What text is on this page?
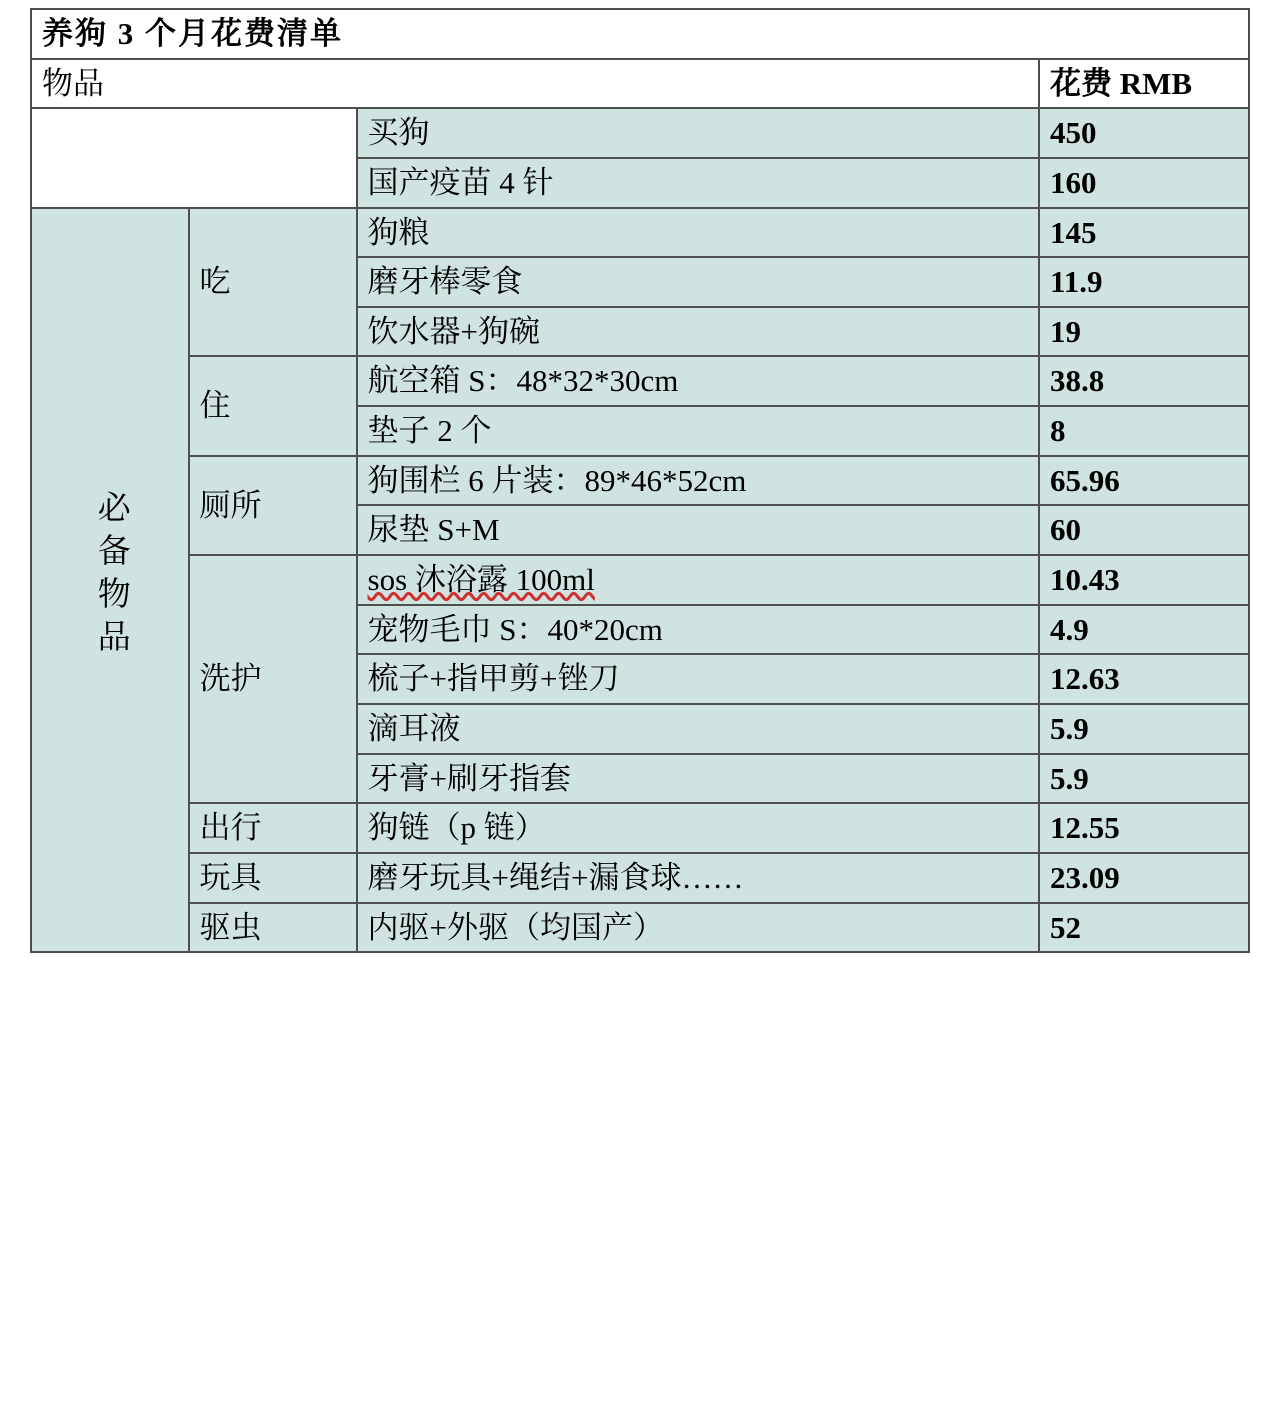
养狗 3 个月花费清单			
物品			花费 RMB
		买狗	450
		国产疫苗 4 针	160
必备物品	吃	狗粮	145
		磨牙棒零食	11.9
		饮水器+狗碗	19
	住	航空箱 S：48*32*30cm	38.8
		垫子 2 个	8
	厕所	狗围栏 6 片装：89*46*52cm	65.96
		尿垫 S+M	60
	洗护	sos 沐浴露 100ml	10.43
		宠物毛巾 S：40*20cm	4.9
		梳子+指甲剪+锉刀	12.63
		滴耳液	5.9
		牙膏+刷牙指套	5.9
	出行	狗链（p 链）	12.55
	玩具	磨牙玩具+绳结+漏食球……	23.09
	驱虫	内驱+外驱（均国产）	52
